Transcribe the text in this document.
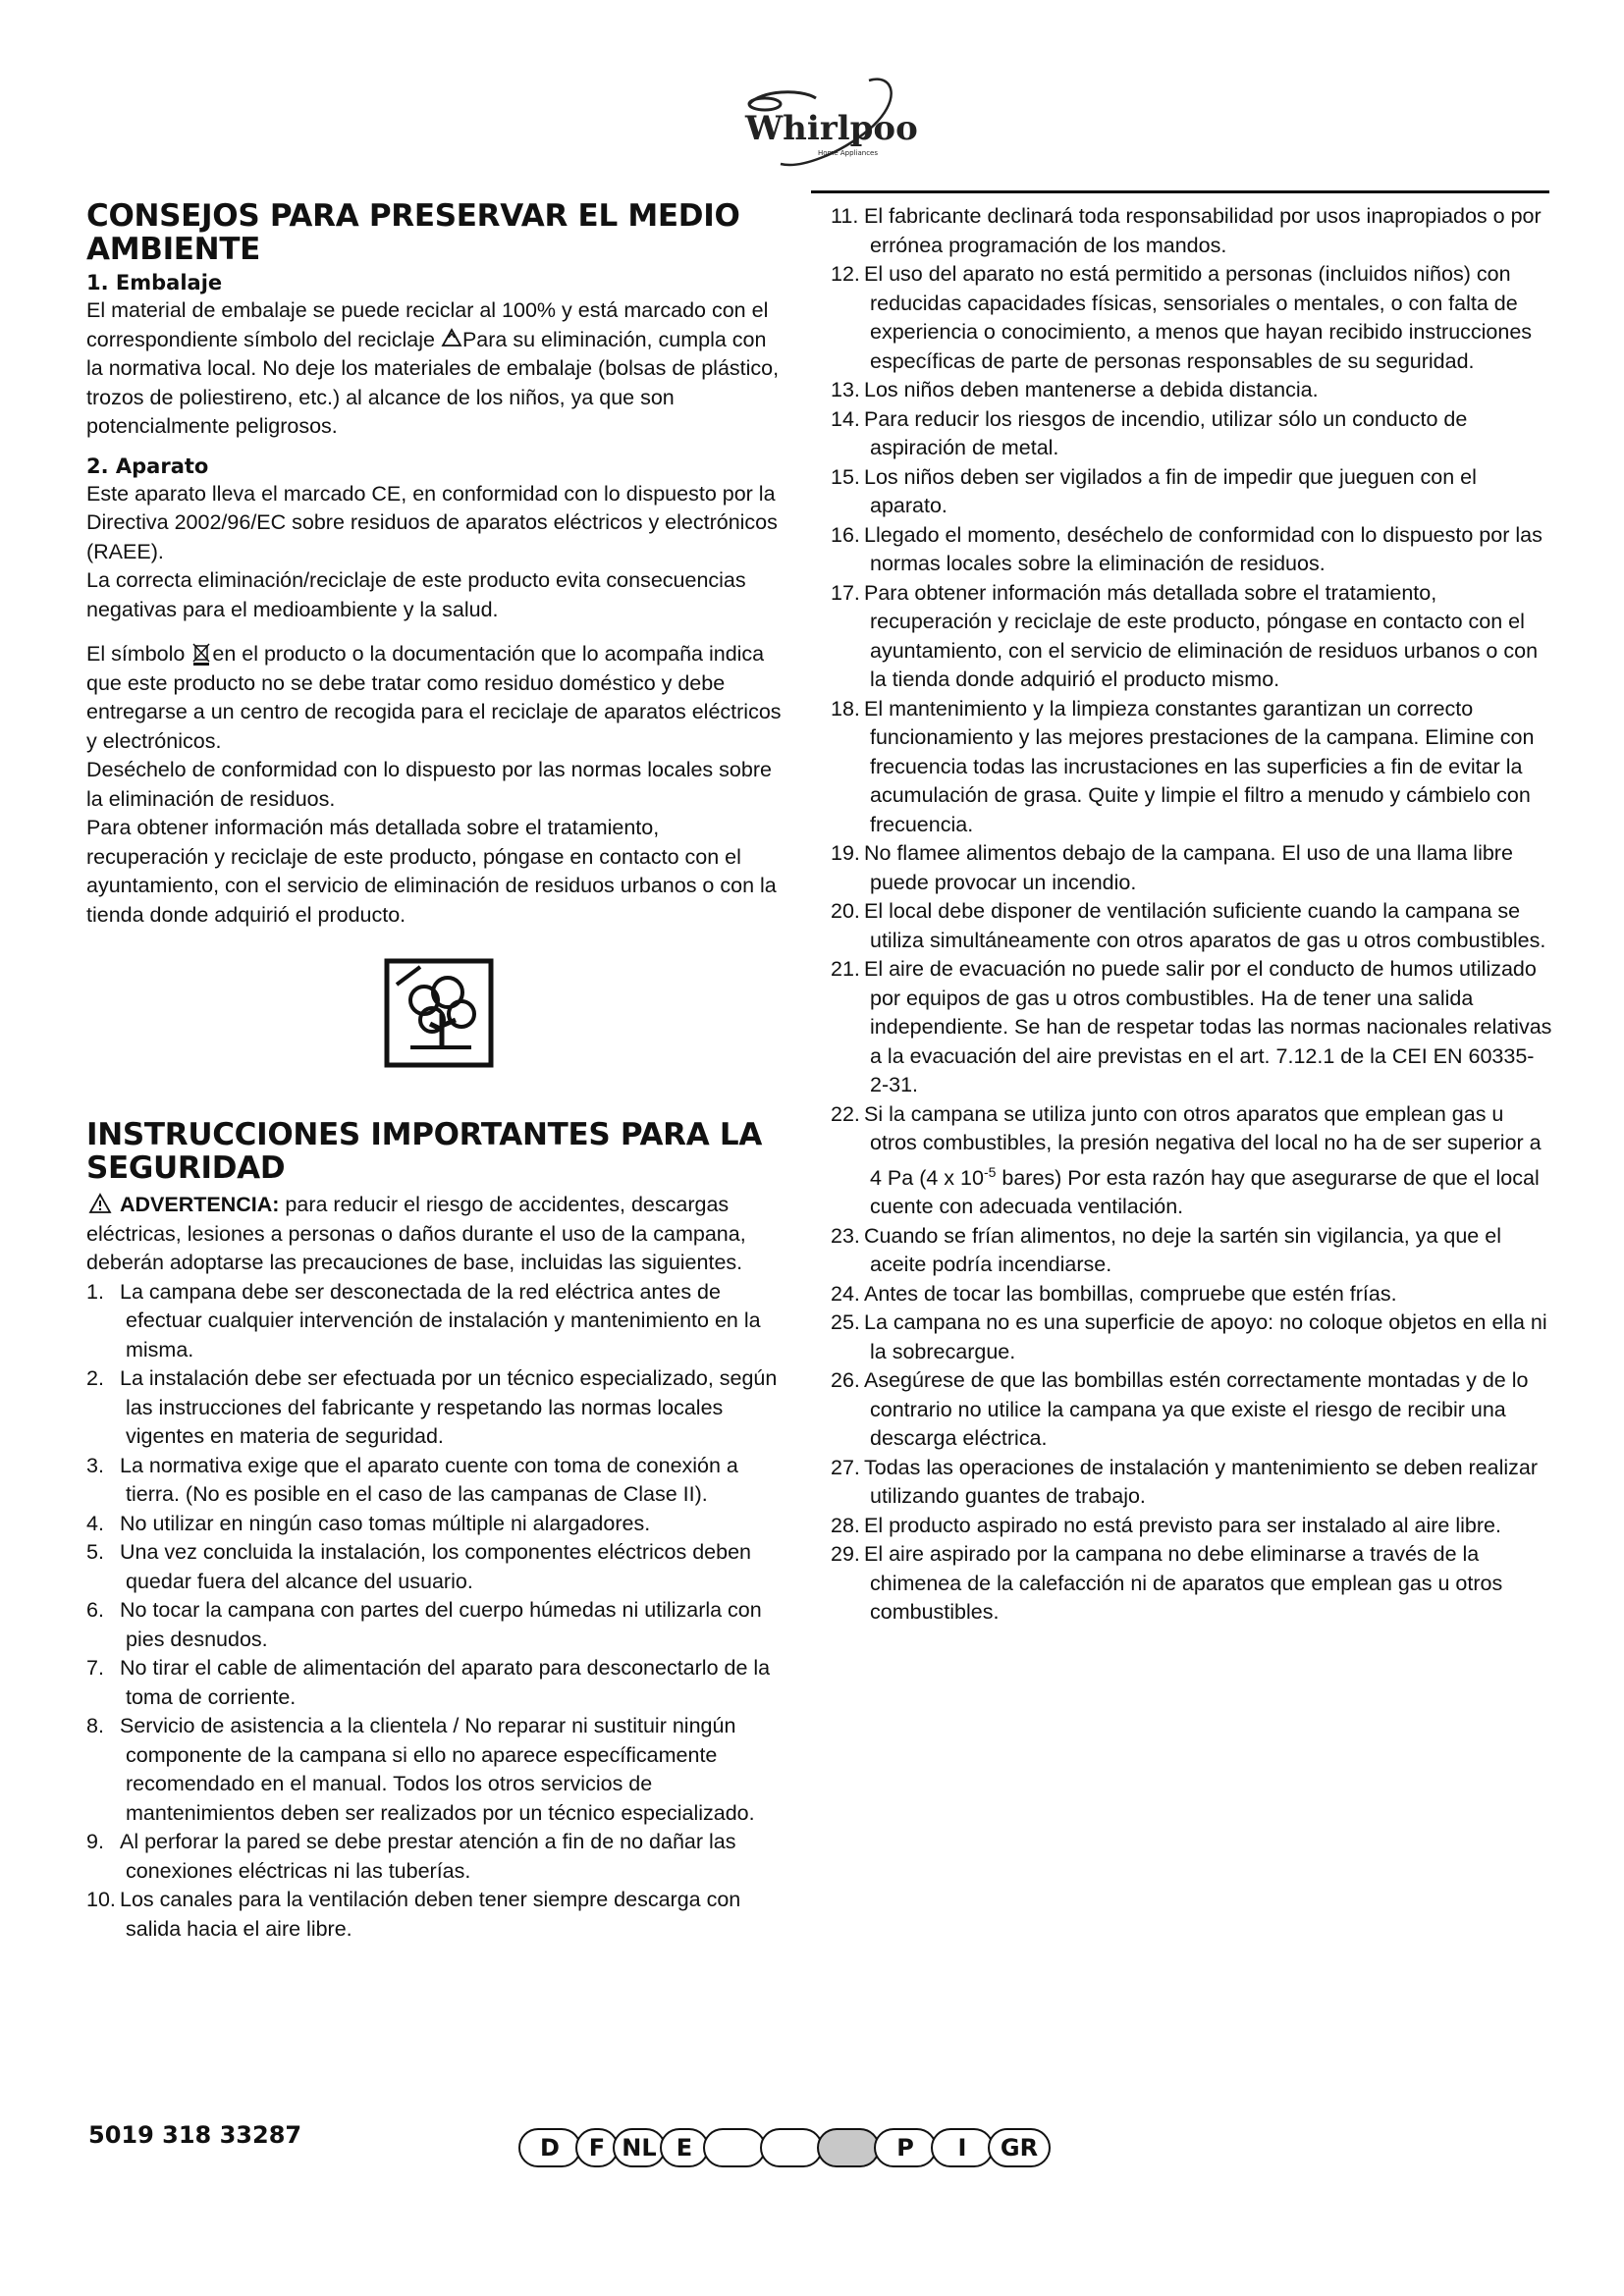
Whirlpool
Home Appliances
CONSEJOS PARA PRESERVAR EL MEDIO AMBIENTE
1. Embalaje

El material de embalaje se puede reciclar al 100% y está marcado con el correspondiente símbolo del reciclaje Para su eliminación, cumpla con la normativa local. No deje los materiales de embalaje (bolsas de plástico, trozos de poliestireno, etc.) al alcance de los niños, ya que son potencialmente peligrosos.

2. Aparato

Este aparato lleva el marcado CE, en conformidad con lo dispuesto por la Directiva 2002/96/EC sobre residuos de aparatos eléctricos y electrónicos (RAEE).

La correcta eliminación/reciclaje de este producto evita consecuencias negativas para el medioambiente y la salud.

El símbolo en el producto o la documentación que lo acompaña indica que este producto no se debe tratar como residuo doméstico y debe entregarse a un centro de recogida para el reciclaje de aparatos eléctricos y electrónicos.

Deséchelo de conformidad con lo dispuesto por las normas locales sobre la eliminación de residuos.

Para obtener información más detallada sobre el tratamiento, recuperación y reciclaje de este producto, póngase en contacto con el ayuntamiento, con el servicio de eliminación de residuos urbanos o con la tienda donde adquirió el producto.

INSTRUCCIONES IMPORTANTES PARA LA SEGURIDAD

ADVERTENCIA: para reducir el riesgo de accidentes, descargas eléctricas, lesiones a personas o daños durante el uso de la campana, deberán adoptarse las precauciones de base, incluidas las siguientes.

1. La campana debe ser desconectada de la red eléctrica antes de efectuar cualquier intervención de instalación y mantenimiento en la misma.
2. La instalación debe ser efectuada por un técnico especializado, según las instrucciones del fabricante y respetando las normas locales vigentes en materia de seguridad.
3. La normativa exige que el aparato cuente con toma de conexión a tierra. (No es posible en el caso de las campanas de Clase II).
4. No utilizar en ningún caso tomas múltiple ni alargadores.
5. Una vez concluida la instalación, los componentes eléctricos deben quedar fuera del alcance del usuario.
6. No tocar la campana con partes del cuerpo húmedas ni utilizarla con pies desnudos.
7. No tirar el cable de alimentación del aparato para desconectarlo de la toma de corriente.
8. Servicio de asistencia a la clientela / No reparar ni sustituir ningún componente de la campana si ello no aparece específicamente recomendado en el manual. Todos los otros servicios de mantenimientos deben ser realizados por un técnico especializado.
9. Al perforar la pared se debe prestar atención a fin de no dañar las conexiones eléctricas ni las tuberías.
10. Los canales para la ventilación deben tener siempre descarga con salida hacia el aire libre.
11. El fabricante declinará toda responsabilidad por usos inapropiados o por errónea programación de los mandos.
12. El uso del aparato no está permitido a personas (incluidos niños) con reducidas capacidades físicas, sensoriales o mentales, o con falta de experiencia o conocimiento, a menos que hayan recibido instrucciones específicas de parte de personas responsables de su seguridad.
13. Los niños deben mantenerse a debida distancia.
14. Para reducir los riesgos de incendio, utilizar sólo un conducto de aspiración de metal.
15. Los niños deben ser vigilados a fin de impedir que jueguen con el aparato.
16. Llegado el momento, deséchelo de conformidad con lo dispuesto por las normas locales sobre la eliminación de residuos.
17. Para obtener información más detallada sobre el tratamiento, recuperación y reciclaje de este producto, póngase en contacto con el ayuntamiento, con el servicio de eliminación de residuos urbanos o con la tienda donde adquirió el producto mismo.
18. El mantenimiento y la limpieza constantes garantizan un correcto funcionamiento y las mejores prestaciones de la campana. Elimine con frecuencia todas las incrustaciones en las superficies a fin de evitar la acumulación de grasa. Quite y limpie el filtro a menudo y cámbielo con frecuencia.
19. No flamee alimentos debajo de la campana. El uso de una llama libre puede provocar un incendio.
20. El local debe disponer de ventilación suficiente cuando la campana se utiliza simultáneamente con otros aparatos de gas u otros combustibles.
21. El aire de evacuación no puede salir por el conducto de humos utilizado por equipos de gas u otros combustibles. Ha de tener una salida independiente. Se han de respetar todas las normas nacionales relativas a la evacuación del aire previstas en el art. 7.12.1 de la CEI EN 60335-2-31.
22. Si la campana se utiliza junto con otros aparatos que emplean gas u otros combustibles, la presión negativa del local no ha de ser superior a 4 Pa (4 x $10^{-5}$ bares) Por esta razón hay que asegurarse de que el local cuente con adecuada ventilación.
23. Cuando se frían alimentos, no deje la sartén sin vigilancia, ya que el aceite podría incendiarse.
24. Antes de tocar las bombillas, compruebe que estén frías.
25. La campana no es una superficie de apoyo: no coloque objetos en ella ni la sobrecargue.
26. Asegúrese de que las bombillas estén correctamente montadas y de lo contrario no utilice la campana ya que existe el riesgo de recibir una descarga eléctrica.
27. Todas las operaciones de instalación y mantenimiento se deben realizar utilizando guantes de trabajo.
28. El producto aspirado no está previsto para ser instalado al aire libre.
29. El aire aspirado por la campana no debe eliminarse a través de la chimenea de la calefacción ni de aparatos que emplean gas u otros combustibles.
5019 318 33287	D	F NL E	P	I	GR
